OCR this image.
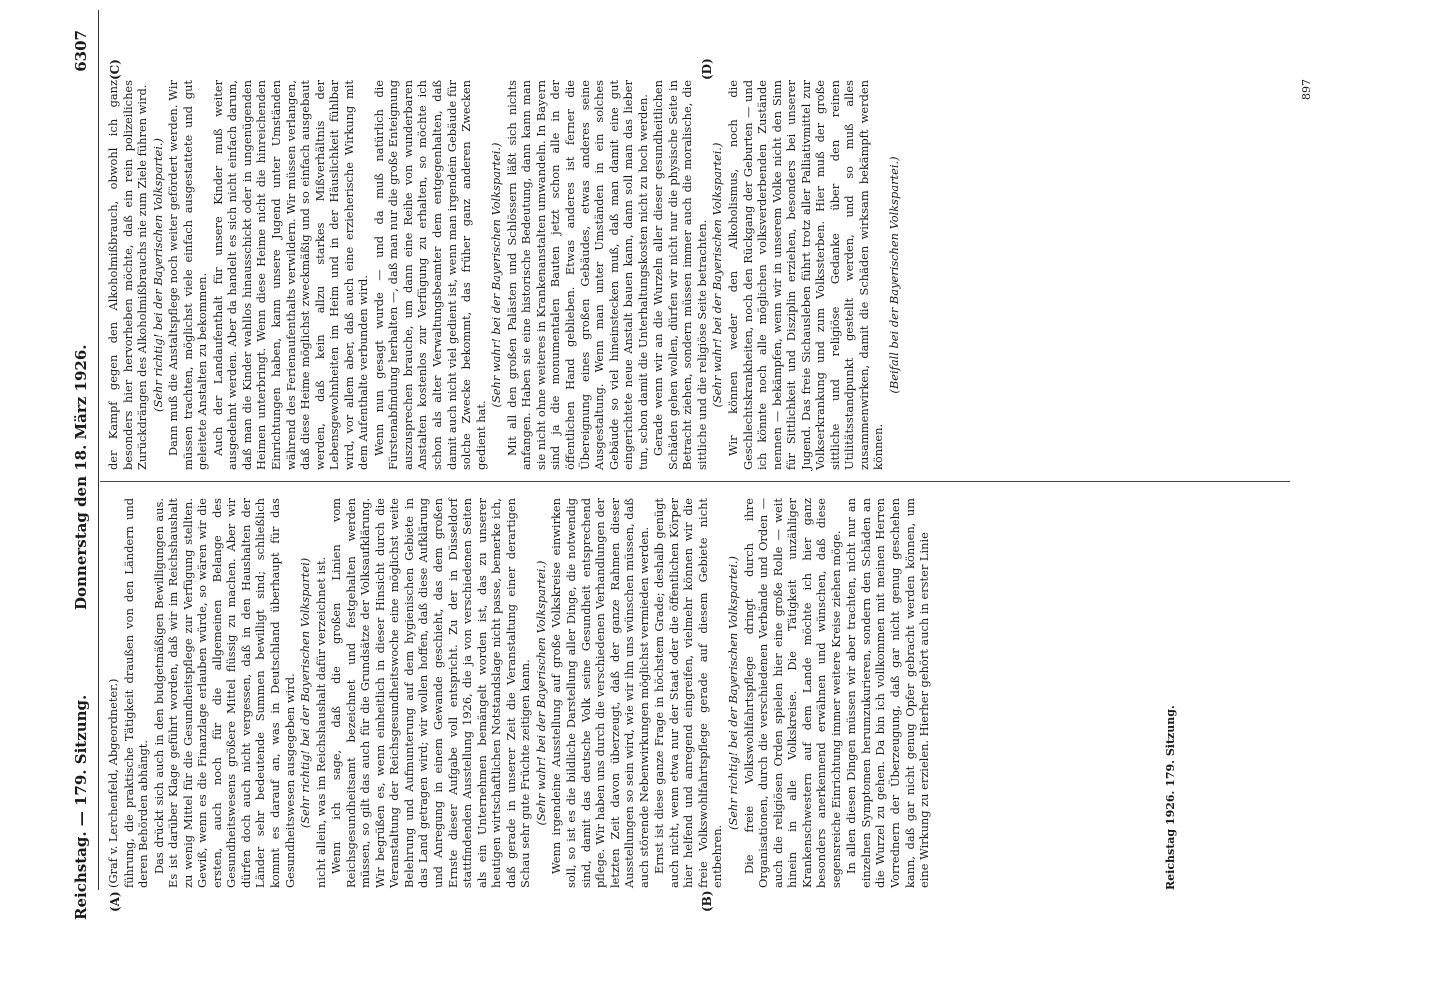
Reichstag. — 179. Sitzung.
Donnerstag den 18. März 1926.
6307
(A)	(B)
(C)	(D)

(Graf v. Lerchenfeld, Abgeordneter.) führung, die praktische Tätigkeit draußen von den Ländern und deren Behörden abhängt. Das drückt sich auch in den budgetmäßigen Bewilligungen aus. Es ist darüber Klage geführt worden, daß wir im Reichshaushalt zu wenig Mittel für die Gesundheitspflege zur Verfügung stellten. Gewiß, wenn es die Finanzlage erlauben würde, so wären wir die ersten, auch noch für die allgemeinen Belange des Gesundheitswesens größere Mittel flüssig zu machen. Aber wir dürfen doch auch nicht vergessen, daß in den Haushalten der Länder sehr bedeutende Summen bewilligt sind; schließlich kommt es darauf an, was in Deutschland überhaupt für das Gesundheitswesen ausgegeben wird. (Sehr richtig! bei der Bayerischen Volkspartei) nicht allein, was im Reichshaushalt dafür verzeichnet ist. Wenn ich sage, daß die großen Linien vom Reichsgesundheitsamt bezeichnet und festgehalten werden müssen, so gilt das auch für die Grundsätze der Volksaufklärung. Wir begrüßen es, wenn einheitlich in dieser Hinsicht durch die Veranstaltung der Reichsgesundheitswoche eine möglichst weite Belehrung und Aufmunterung auf dem hygienischen Gebiete in das Land getragen wird; wir wollen hoffen, daß diese Aufklärung und Anregung in einem Gewande geschieht, das dem großen Ernste dieser Aufgabe voll entspricht. Zu der in Düsseldorf stattfindenden Ausstellung 1926, die ja von verschiedenen Seiten als ein Unternehmen bemängelt worden ist, das zu unserer heutigen wirtschaftlichen Notstandslage nicht passe, bemerke ich, daß gerade in unserer Zeit die Veranstaltung einer derartigen Schau sehr gute Früchte zeitigen kann. (Sehr wahr! bei der Bayerischen Volkspartei.) Wenn irgendeine Ausstellung auf große Volkskreise einwirken soll, so ist es die bildliche Darstellung aller Dinge, die notwendig sind, damit das deutsche Volk seine Gesundheit entsprechend pflege. Wir haben uns durch die verschiedenen Verhandlungen der letzten Zeit davon überzeugt, daß der ganze Rahmen dieser Ausstellungen so sein wird, wie wir ihn uns wünschen müssen, daß auch störende Nebenwirkungen möglichst vermieden werden. Ernst ist diese ganze Frage in höchstem Grade; deshalb genügt auch nicht, wenn etwa nur der Staat oder die öffentlichen Körper hier helfend und anregend eingreifen, vielmehr können wir die freie Volkswohlfahrtspflege gerade auf diesem Gebiete nicht entbehren.

(Sehr richtig! bei der Bayerischen Volkspartei.) Die freie Volkswohlfahrtspflege dringt durch ihre Organisationen, durch die verschiedenen Verbände und Orden — auch die religiösen Orden spielen hier eine große Rolle — weit hinein in alle Volkskreise. Die Tätigkeit unzähliger Krankenschwestern auf dem Lande möchte ich hier ganz besonders anerkennend erwähnen und wünschen, daß diese segensreiche Einrichtung immer weitere Kreise ziehen möge. In allen diesen Dingen müssen wir aber trachten, nicht nur an einzelnen Symptomen herumzukurieren, sondern den Schäden an die Wurzel zu gehen. Da bin ich vollkommen mit meinen Herren Vorrednern der Überzeugung, daß gar nicht genug geschehen kann, daß gar nicht genug Opfer gebracht werden können, um eine Wirkung zu erzielen. Hierher gehört auch in erster Linie

der Kampf gegen den Alkoholmißbrauch, obwohl ich ganz besonders hier hervorheben möchte, daß ein rein polizeiliches Zurückdrängen des Alkoholmißbrauchs nie zum Ziele führen wird. (Sehr richtig! bei der Bayerischen Volkspartei.) Dann muß die Anstaltspflege noch weiter gefördert werden. Wir müssen trachten, möglichst viele einfach ausgestattete und gut geleitete Anstalten zu bekommen. Auch der Landaufenthalt für unsere Kinder muß weiter ausgedehnt werden. Aber da handelt es sich nicht einfach darum, daß man die Kinder wahllos hinausschickt oder in ungenügenden Heimen unterbringt. Wenn diese Heime nicht die hinreichenden Einrichtungen haben, kann unsere Jugend unter Umständen während des Ferienaufenthalts verwildern. Wir müssen verlangen, daß diese Heime möglichst zweckmäßig und so einfach ausgebaut werden, daß kein allzu starkes Mißverhältnis der Lebensgewohnheiten im Heim und in der Häuslichkeit fühlbar wird, vor allem aber, daß auch eine erzieherische Wirkung mit dem Aufenthalte verbunden wird. Wenn nun gesagt wurde — und da muß natürlich die Fürstenabfindung herhalten —, daß man nur die große Enteignung auszusprechen brauche, um dann eine Reihe von wunderbaren Anstalten kostenlos zur Verfügung zu erhalten, so möchte ich schon als alter Verwaltungsbeamter dem entgegenhalten, daß damit auch nicht viel gedient ist, wenn man irgendein Gebäude für solche Zwecke bekommt, das früher ganz anderen Zwecken gedient hat.

(Sehr wahr! bei der Bayerischen Volkspartei.) Mit all den großen Palästen und Schlössern läßt sich nichts anfangen. Haben sie eine historische Bedeutung, dann kann man sie nicht ohne weiteres in Krankenanstalten umwandeln. In Bayern sind ja die monumentalen Bauten jetzt schon alle in der öffentlichen Hand geblieben. Etwas anderes ist ferner die Übereignung eines großen Gebäudes, etwas anderes seine Ausgestaltung. Wenn man unter Umständen in ein solches Gebäude so viel hineinstecken muß, daß man damit eine gut eingerichtete neue Anstalt bauen kann, dann soll man das lieber tun, schon damit die Unterhaltungskosten nicht zu hoch werden. Gerade wenn wir an die Wurzeln aller dieser gesundheitlichen Schäden gehen wollen, dürfen wir nicht nur die physische Seite in Betracht ziehen, sondern müssen immer auch die moralische, die sittliche und die religiöse Seite betrachten. (Sehr wahr! bei der Bayerischen Volkspartei.) Wir können weder den Alkoholismus, noch die Geschlechtskrankheiten, noch den Rückgang der Geburten — und ich könnte noch alle möglichen volksverderbenden Zustände nennen — bekämpfen, wenn wir in unserem Volke nicht den Sinn für Sittlichkeit und Disziplin erziehen, besonders bei unserer Jugend. Das freie Sichausleben führt trotz aller Palliativmittel zur Volkserkrankung und zum Volkssterben. Hier muß der große sittliche und religiöse Gedanke über den reinen Utilitätsstandpunkt gestellt werden, und so muß alles zusammenwirken, damit die Schäden wirksam bekämpft werden können.

(Beifall bei der Bayerischen Volkspartei.)

Reichstag 1926. 179. Sitzung.
897
